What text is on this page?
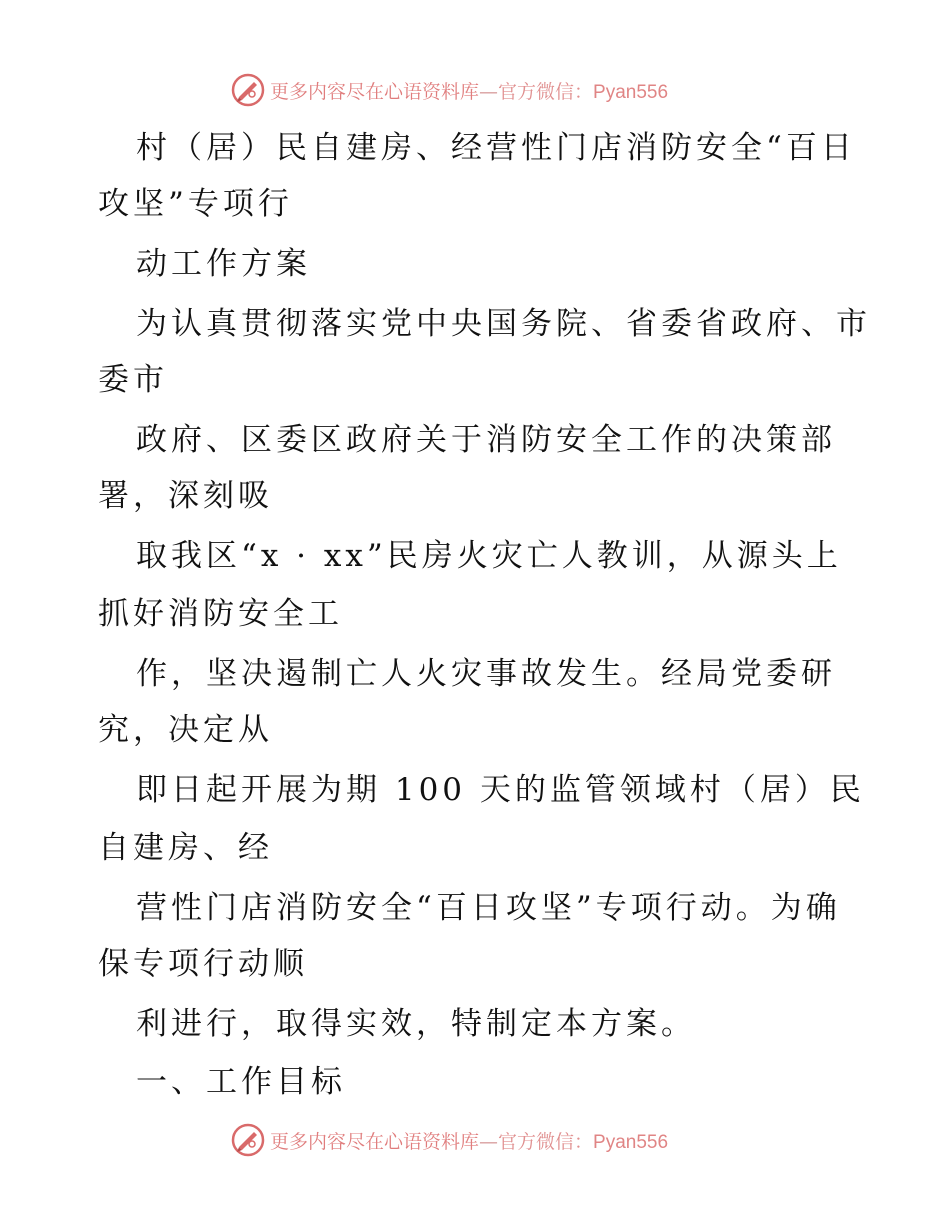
更多内容尽在心语资料库—官方微信：Pyan556
村（居）民自建房、经营性门店消防安全“百日
攻坚”专项行
动工作方案
为认真贯彻落实党中央国务院、省委省政府、市
委市
政府、区委区政府关于消防安全工作的决策部
署，深刻吸
取我区“x · xx”民房火灾亡人教训，从源头上
抓好消防安全工
作，坚决遏制亡人火灾事故发生。经局党委研
究，决定从
即日起开展为期 100 天的监管领域村（居）民
自建房、经
营性门店消防安全“百日攻坚”专项行动。为确
保专项行动顺
利进行，取得实效，特制定本方案。
一、工作目标
更多内容尽在心语资料库—官方微信：Pyan556
